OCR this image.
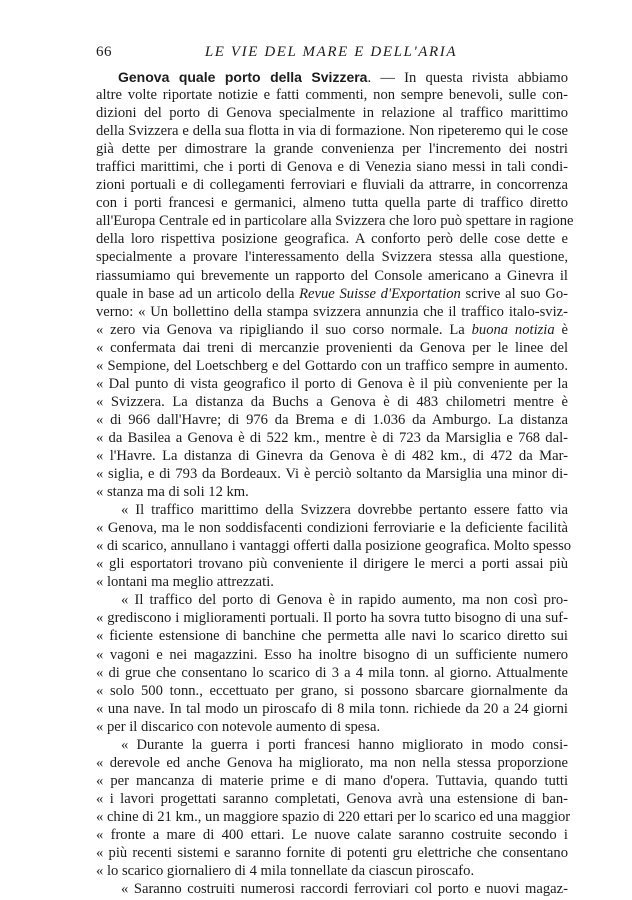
66	LE VIE DEL MARE E DELL'ARIA
Genova quale porto della Svizzera. — In questa rivista abbiamo
altre volte riportate notizie e fatti commenti, non sempre benevoli, sulle con-
dizioni del porto di Genova specialmente in relazione al traffico marittimo
della Svizzera e della sua flotta in via di formazione. Non ripeteremo qui le cose
già dette per dimostrare la grande convenienza per l'incremento dei nostri
traffici marittimi, che i porti di Genova e di Venezia siano messi in tali condi-
zioni portuali e di collegamenti ferroviari e fluviali da attrarre, in concorrenza
con i porti francesi e germanici, almeno tutta quella parte di traffico diretto
all'Europa Centrale ed in particolare alla Svizzera che loro può spettare in ragione
della loro rispettiva posizione geografica. A conforto però delle cose dette e
specialmente a provare l'interessamento della Svizzera stessa alla questione,
riassumiamo qui brevemente un rapporto del Console americano a Ginevra il
quale in base ad un articolo della Revue Suisse d'Exportation scrive al suo Go-
verno: « Un bollettino della stampa svizzera annunzia che il traffico italo-sviz-
« zero via Genova va ripigliando il suo corso normale. La buona notizia è
« confermata dai treni di mercanzie provenienti da Genova per le linee del
« Sempione, del Loetschberg e del Gottardo con un traffico sempre in aumento.
« Dal punto di vista geografico il porto di Genova è il più conveniente per la
« Svizzera. La distanza da Buchs a Genova è di 483 chilometri mentre è
« di 966 dall'Havre; di 976 da Brema e di 1.036 da Amburgo. La distanza
« da Basilea a Genova è di 522 km., mentre è di 723 da Marsiglia e 768 dal-
« l'Havre. La distanza di Ginevra da Genova è di 482 km., di 472 da Mar-
« siglia, e di 793 da Bordeaux. Vi è perciò soltanto da Marsiglia una minor di-
« stanza ma di soli 12 km.
« Il traffico marittimo della Svizzera dovrebbe pertanto essere fatto via
« Genova, ma le non soddisfacenti condizioni ferroviarie e la deficiente facilità
« di scarico, annullano i vantaggi offerti dalla posizione geografica. Molto spesso
« gli esportatori trovano più conveniente il dirigere le merci a porti assai più
« lontani ma meglio attrezzati.
« Il traffico del porto di Genova è in rapido aumento, ma non così pro-
« grediscono i miglioramenti portuali. Il porto ha sovra tutto bisogno di una suf-
« ficiente estensione di banchine che permetta alle navi lo scarico diretto sui
« vagoni e nei magazzini. Esso ha inoltre bisogno di un sufficiente numero
« di grue che consentano lo scarico di 3 a 4 mila tonn. al giorno. Attualmente
« solo 500 tonn., eccettuato per grano, si possono sbarcare giornalmente da
« una nave. In tal modo un piroscafo di 8 mila tonn. richiede da 20 a 24 giorni
« per il discarico con notevole aumento di spesa.
« Durante la guerra i porti francesi hanno migliorato in modo consi-
« derevole ed anche Genova ha migliorato, ma non nella stessa proporzione
« per mancanza di materie prime e di mano d'opera. Tuttavia, quando tutti
« i lavori progettati saranno completati, Genova avrà una estensione di ban-
« chine di 21 km., un maggiore spazio di 220 ettari per lo scarico ed una maggior
« fronte a mare di 400 ettari. Le nuove calate saranno costruite secondo i
« più recenti sistemi e saranno fornite di potenti gru elettriche che consentano
« lo scarico giornaliero di 4 mila tonnellate da ciascun piroscafo.
« Saranno costruiti numerosi raccordi ferroviari col porto e nuovi magaz-
